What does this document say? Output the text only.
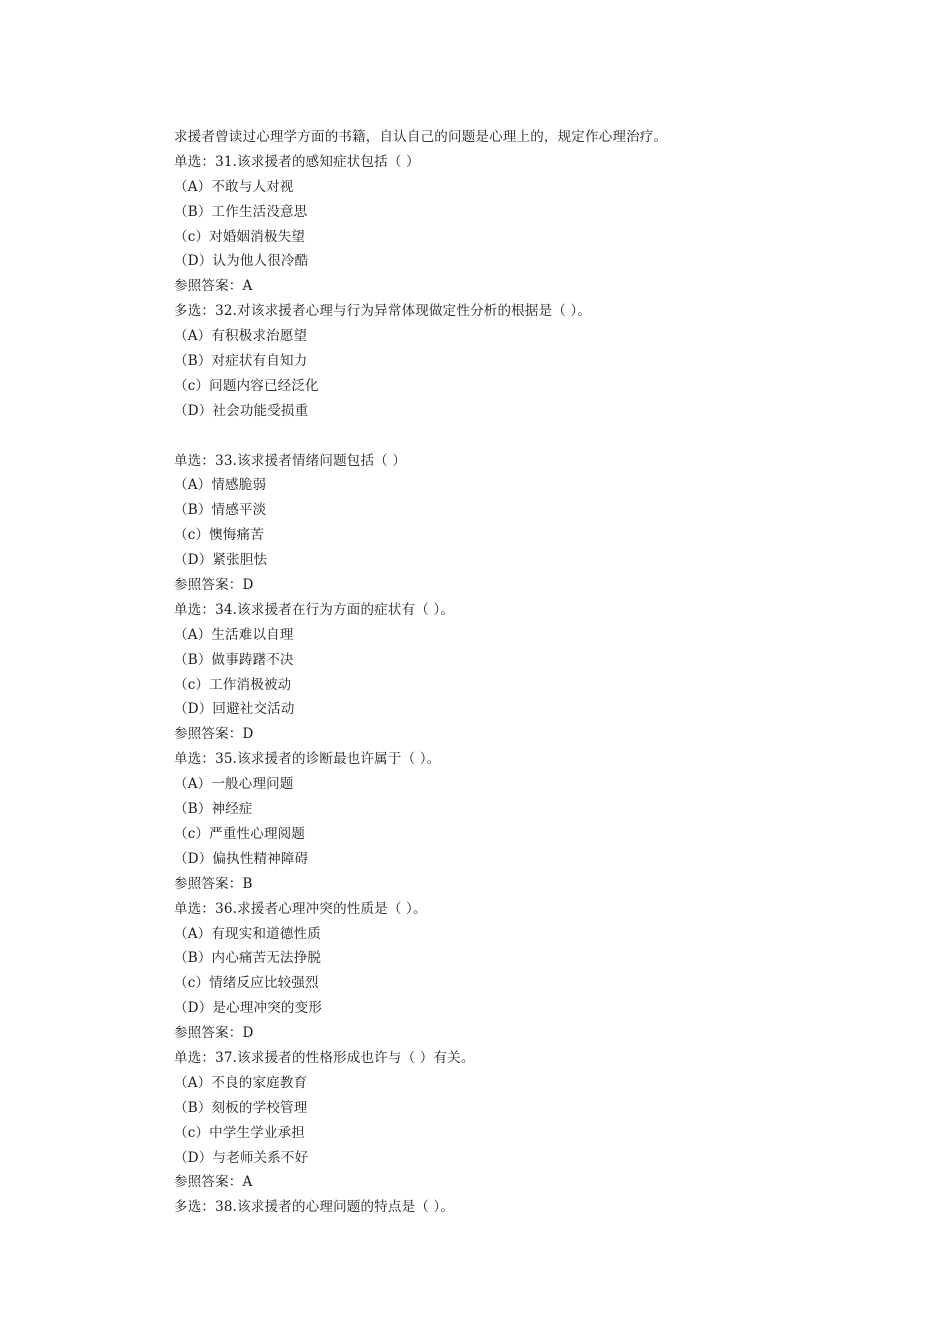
求援者曾读过心理学方面的书籍，自认自己的问题是心理上的，规定作心理治疗。
单选：31.该求援者的感知症状包括（ ）
（A）不敢与人对视
（B）工作生活没意思
（c）对婚姻消极失望
（D）认为他人很冷酷
参照答案：A
多选：32.对该求援者心理与行为异常体现做定性分析的根据是（ ）。
（A）有积极求治愿望
（B）对症状有自知力
（c）问题内容已经泛化
（D）社会功能受损重
单选：33.该求援者情绪问题包括（ ）
（A）情感脆弱
（B）情感平淡
（c）懊悔痛苦
（D）紧张胆怯
参照答案：D
单选：34.该求援者在行为方面的症状有（ ）。
（A）生活难以自理
（B）做事踌躇不决
（c）工作消极被动
（D）回避社交活动
参照答案：D
单选：35.该求援者的诊断最也许属于（ ）。
（A）一般心理问题
（B）神经症
（c）严重性心理阅题
（D）偏执性精神障碍
参照答案：B
单选：36.求援者心理冲突的性质是（ ）。
（A）有现实和道德性质
（B）内心痛苦无法挣脱
（c）情绪反应比较强烈
（D）是心理冲突的变形
参照答案：D
单选：37.该求援者的性格形成也许与（ ）有关。
（A）不良的家庭教育
（B）刻板的学校管理
（c）中学生学业承担
（D）与老师关系不好
参照答案：A
多选：38.该求援者的心理问题的特点是（ ）。
